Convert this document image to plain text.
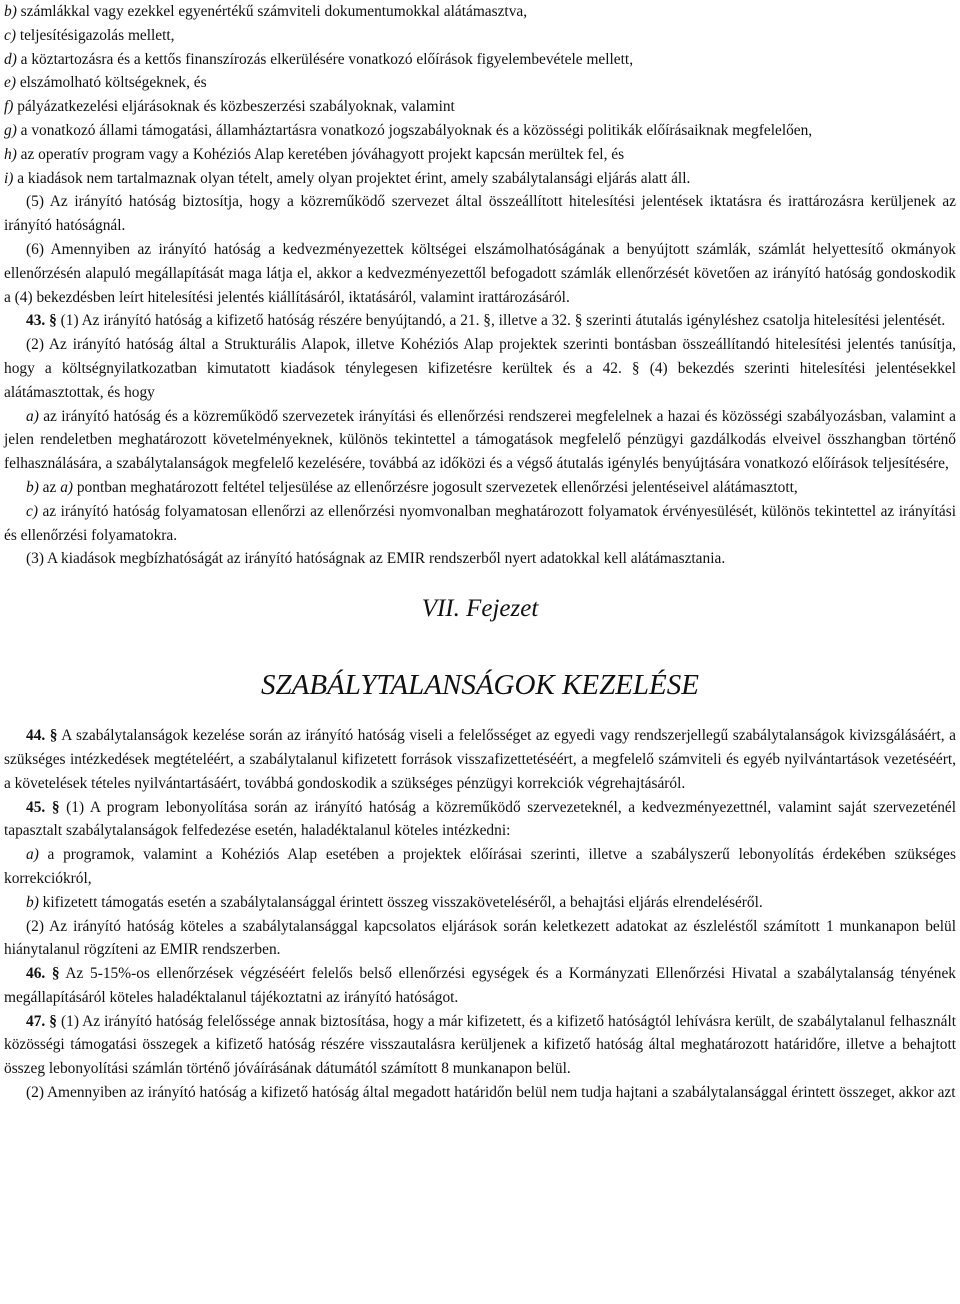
b) számlákkal vagy ezekkel egyenértékű számviteli dokumentumokkal alátámasztva,

c) teljesítésigazolás mellett,

d) a köztartozásra és a kettős finanszírozás elkerülésére vonatkozó előírások figyelembevétele mellett,

e) elszámolható költségeknek, és

f) pályázatkezelési eljárásoknak és közbeszerzési szabályoknak, valamint

g) a vonatkozó állami támogatási, államháztartásra vonatkozó jogszabályoknak és a közösségi politikák előírásaiknak megfelelően,

h) az operatív program vagy a Kohéziós Alap keretében jóváhagyott projekt kapcsán merültek fel, és

i) a kiadások nem tartalmaznak olyan tételt, amely olyan projektet érint, amely szabálytalansági eljárás alatt áll.

(5) Az irányító hatóság biztosítja, hogy a közreműködő szervezet által összeállított hitelesítési jelentések iktatásra és irattározásra kerüljenek az irányító hatóságnál.

(6) Amennyiben az irányító hatóság a kedvezményezettek költségei elszámolhatóságának a benyújtott számlák, számlát helyettesítő okmányok ellenőrzésén alapuló megállapítását maga látja el, akkor a kedvezményezettől befogadott számlák ellenőrzését követően az irányító hatóság gondoskodik a (4) bekezdésben leírt hitelesítési jelentés kiállításáról, iktatásáról, valamint irattározásáról.

43. § (1) Az irányító hatóság a kifizető hatóság részére benyújtandó, a 21. §, illetve a 32. § szerinti átutalás igényléshez csatolja hitelesítési jelentését.

(2) Az irányító hatóság által a Strukturális Alapok, illetve Kohéziós Alap projektek szerinti bontásban összeállítandó hitelesítési jelentés tanúsítja, hogy a költségnyilatkozatban kimutatott kiadások ténylegesen kifizetésre kerültek és a 42. § (4) bekezdés szerinti hitelesítési jelentésekkel alátámasztottak, és hogy

a) az irányító hatóság és a közreműködő szervezetek irányítási és ellenőrzési rendszerei megfelelnek a hazai és közösségi szabályozásban, valamint a jelen rendeletben meghatározott követelményeknek, különös tekintettel a támogatások megfelelő pénzügyi gazdálkodás elveivel összhangban történő felhasználására, a szabálytalanságok megfelelő kezelésére, továbbá az időközi és a végső átutalás igénylés benyújtására vonatkozó előírások teljesítésére,

b) az a) pontban meghatározott feltétel teljesülése az ellenőrzésre jogosult szervezetek ellenőrzési jelentéseivel alátámasztott,

c) az irányító hatóság folyamatosan ellenőrzi az ellenőrzési nyomvonalban meghatározott folyamatok érvényesülését, különös tekintettel az irányítási és ellenőrzési folyamatokra.

(3) A kiadások megbízhatóságát az irányító hatóságnak az EMIR rendszerből nyert adatokkal kell alátámasztania.

VII. Fejezet
SZABÁLYTALANSÁGOK KEZELÉSE

44. § A szabálytalanságok kezelése során az irányító hatóság viseli a felelősséget az egyedi vagy rendszerjellegű szabálytalanságok kivizsgálásáért, a szükséges intézkedések megtételéért, a szabálytalanul kifizetett források visszafizettetéséért, a megfelelő számviteli és egyéb nyilvántartások vezetéséért, a követelések tételes nyilvántartásáért, továbbá gondoskodik a szükséges pénzügyi korrekciók végrehajtásáról.

45. § (1) A program lebonyolítása során az irányító hatóság a közreműködő szervezeteknél, a kedvezményezettnél, valamint saját szervezeténél tapasztalt szabálytalanságok felfedezése esetén, haladéktalanul köteles intézkedni:

a) a programok, valamint a Kohéziós Alap esetében a projektek előírásai szerinti, illetve a szabályszerű lebonyolítás érdekében szükséges korrekciókról,

b) kifizetett támogatás esetén a szabálytalansággal érintett összeg visszaköveteléséről, a behajtási eljárás elrendeléséről.

(2) Az irányító hatóság köteles a szabálytalansággal kapcsolatos eljárások során keletkezett adatokat az észleléstől számított 1 munkanapon belül hiánytalanul rögzíteni az EMIR rendszerben.

46. § Az 5-15%-os ellenőrzések végzéséért felelős belső ellenőrzési egységek és a Kormányzati Ellenőrzési Hivatal a szabálytalanság tényének megállapításáról köteles haladéktalanul tájékoztatni az irányító hatóságot.

47. § (1) Az irányító hatóság felelőssége annak biztosítása, hogy a már kifizetett, és a kifizető hatóságtól lehívásra került, de szabálytalanul felhasznált közösségi támogatási összegek a kifizető hatóság részére visszautalásra kerüljenek a kifizető hatóság által meghatározott határidőre, illetve a behajtott összeg lebonyolítási számlán történő jóváírásának dátumától számított 8 munkanapon belül.

(2) Amennyiben az irányító hatóság a kifizető hatóság által megadott határidőn belül nem tudja hajtani a szabálytalansággal érintett összeget, akkor azt
